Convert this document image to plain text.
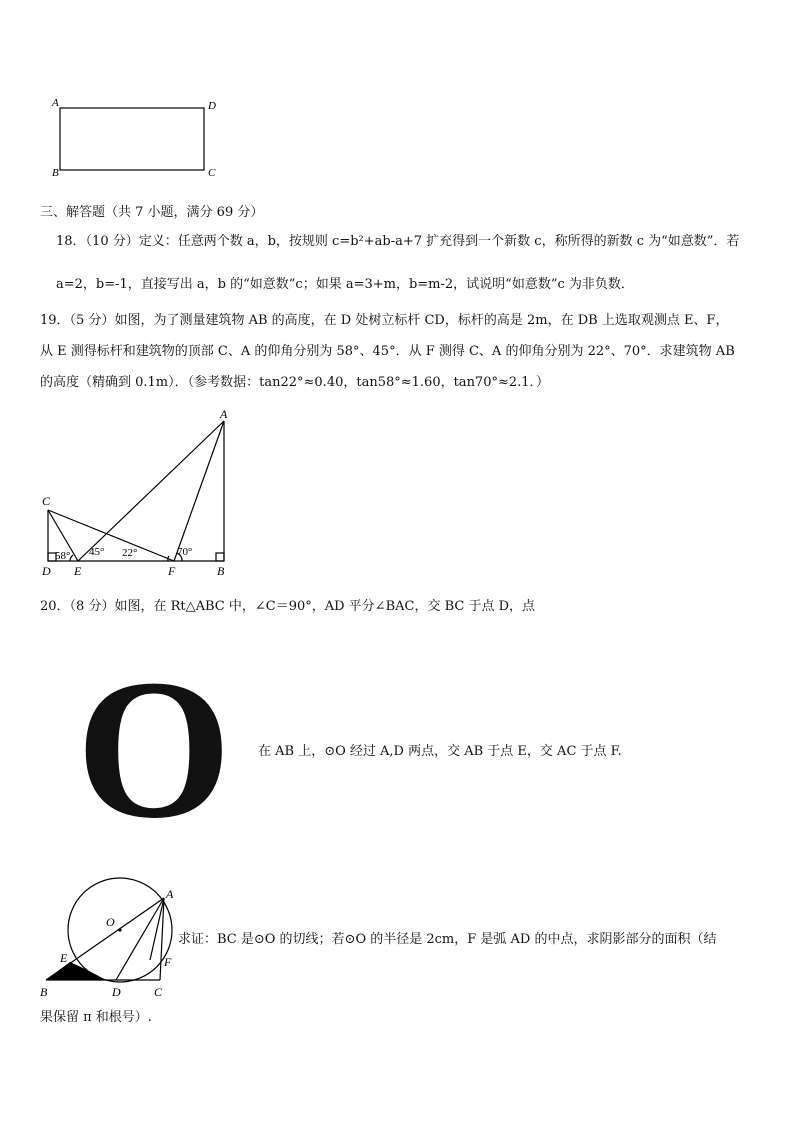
A	D
B	C
三、解答题（共 7 小题，满分 69 分）
18．（10 分）定义：任意两个数 a，b，按规则 c=b²+ab-a+7 扩充得到一个新数 c，称所得的新数 c 为“如意数”．若
a=2，b=-1，直接写出 a，b 的“如意数”c；如果 a=3+m，b=m-2，试说明“如意数”c 为非负数．
19．（5 分）如图，为了测量建筑物 AB 的高度，在 D 处树立标杆 CD，标杆的高是 2m，在 DB 上选取观测点 E、F，
从 E 测得标杆和建筑物的顶部 C、A 的仰角分别为 58°、45°．从 F 测得 C、A 的仰角分别为 22°、70°．求建筑物 AB
的高度（精确到 0.1m）．（参考数据：tan22°≈0.40，tan58°≈1.60，tan70°≈2.1．）
A
C
D E	F	B
58° 45° 22°	70°
20．（8 分）如图，在 Rt△ABC 中，∠C＝90°，AD 平分∠BAC，交 BC 于点 D，点
O 在 AB 上，⊙O 经过 A,D 两点，交 AB 于点 E，交 AC 于点 F.
O
A
E	F
B	D	C
求证：BC 是⊙O 的切线；若⊙O 的半径是 2cm，F 是弧 AD 的中点，求阴影部分的面积（结
果保留 π 和根号）.
